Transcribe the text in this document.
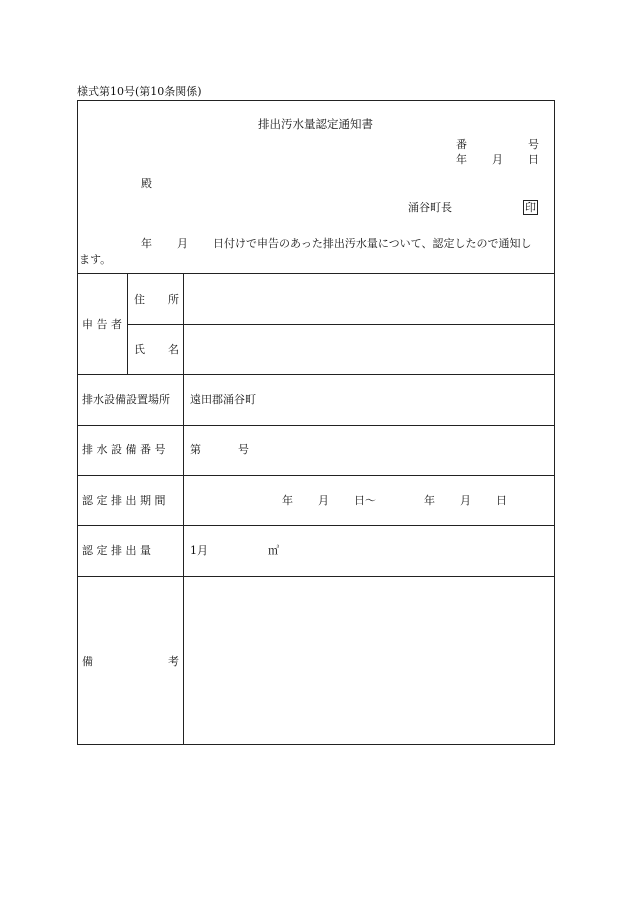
様式第10号(第10条関係)
排出汚水量認定通知書
番	号
年 月 日
殿
涌谷町長	印
年 月 日付けで申告のあった排出汚水量について、認定したので通知し
ます。
申 告 者
住 所
氏 名
排水設備設置場所 遠田郡涌谷町
排 水 設 備 番 号 第	号
認 定 排 出 期 間	年 月 日〜	年 月 日
認 定 排 出 量	1月	㎥
備	考
